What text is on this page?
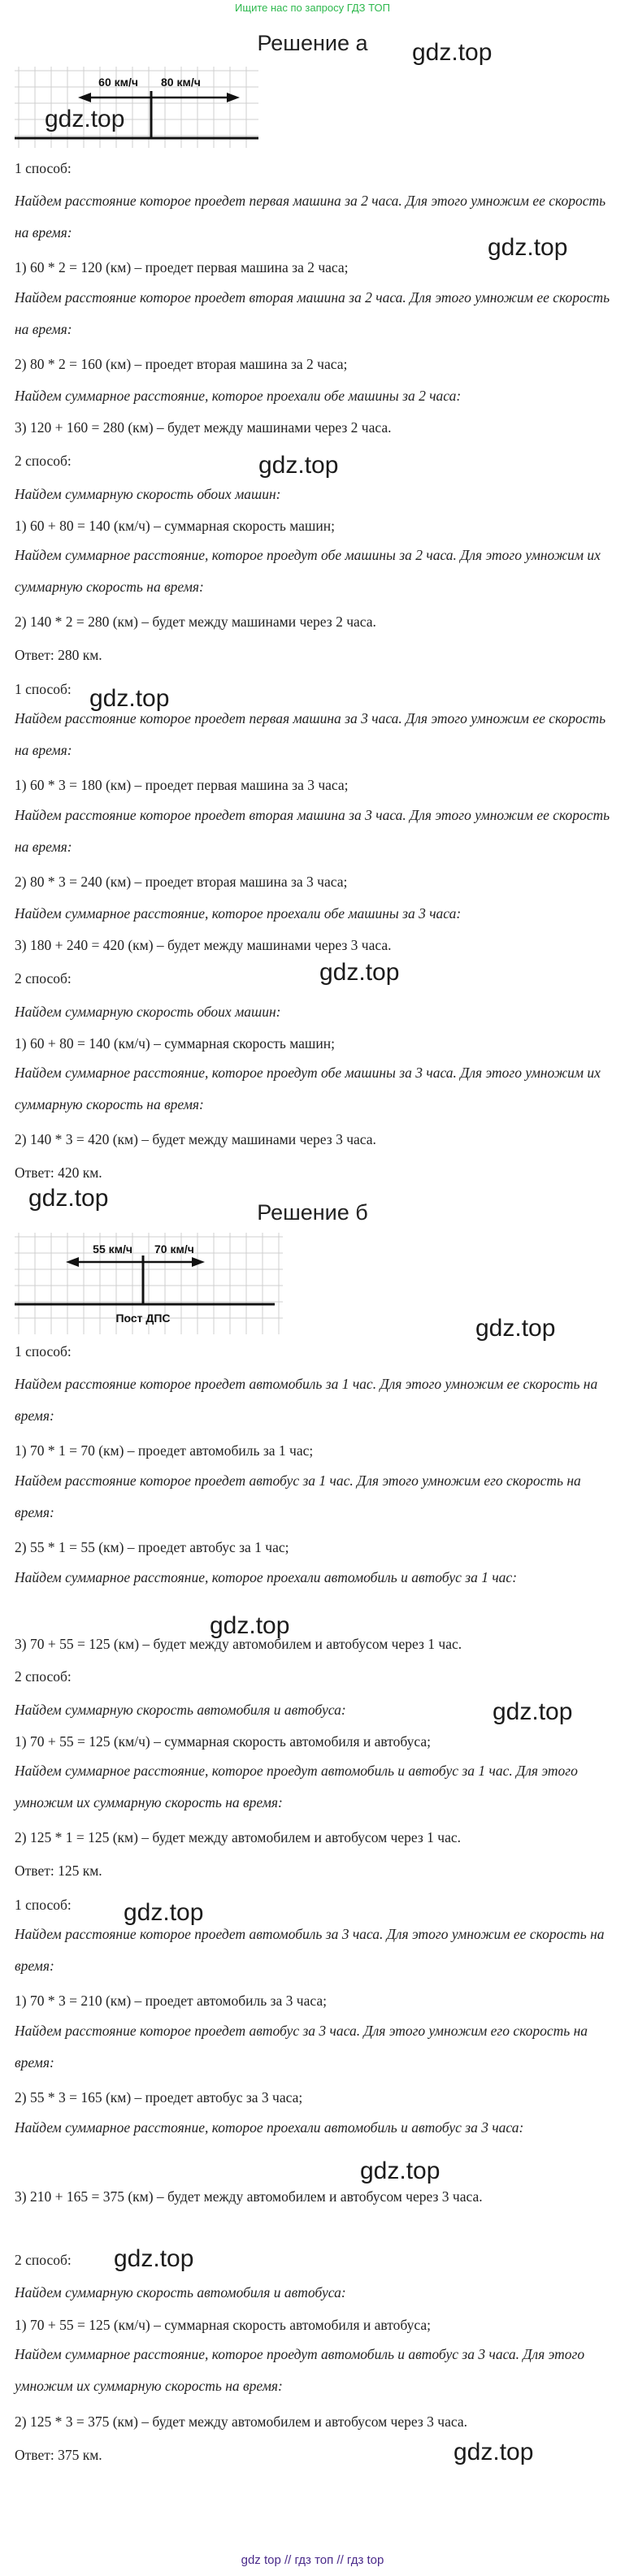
Ищите нас по запросу ГДЗ ТОП
Решение а	gdz.top
60 км/ч 80 км/ч
gdz.top
1 способ:
Найдем расстояние которое проедет первая машина за 2 часа. Для этого умножим ее скорость на время:
gdz.top
1) 60 * 2 = 120 (км) – проедет первая машина за 2 часа;
Найдем расстояние которое проедет вторая машина за 2 часа. Для этого умножим ее скорость на время:
2) 80 * 2 = 160 (км) – проедет вторая машина за 2 часа;
Найдем суммарное расстояние, которое проехали обе машины за 2 часа:
3) 120 + 160 = 280 (км) – будет между машинами через 2 часа.
2 способ:	gdz.top
Найдем суммарную скорость обоих машин:
1) 60 + 80 = 140 (км/ч) – суммарная скорость машин;
Найдем суммарное расстояние, которое проедут обе машины за 2 часа. Для этого умножим их суммарную скорость на время:
2) 140 * 2 = 280 (км) – будет между машинами через 2 часа.
Ответ: 280 км.
1 способ: gdz.top
Найдем расстояние которое проедет первая машина за 3 часа. Для этого умножим ее скорость на время:
1) 60 * 3 = 180 (км) – проедет первая машина за 3 часа;
Найдем расстояние которое проедет вторая машина за 3 часа. Для этого умножим ее скорость на время:
2) 80 * 3 = 240 (км) – проедет вторая машина за 3 часа;
Найдем суммарное расстояние, которое проехали обе машины за 3 часа:
3) 180 + 240 = 420 (км) – будет между машинами через 3 часа.
2 способ:	gdz.top
Найдем суммарную скорость обоих машин:
1) 60 + 80 = 140 (км/ч) – суммарная скорость машин;
Найдем суммарное расстояние, которое проедут обе машины за 3 часа. Для этого умножим их суммарную скорость на время:
2) 140 * 3 = 420 (км) – будет между машинами через 3 часа.
Ответ: 420 км.
gdz.top
Решение б
55 км/ч 70 км/ч
Пост ДПС	gdz.top
1 способ:
Найдем расстояние которое проедет автомобиль за 1 час. Для этого умножим ее скорость на время:
1) 70 * 1 = 70 (км) – проедет автомобиль за 1 час;
Найдем расстояние которое проедет автобус за 1 час. Для этого умножим его скорость на время:
2) 55 * 1 = 55 (км) – проедет автобус за 1 час;
Найдем суммарное расстояние, которое проехали автомобиль и автобус за 1 час:
gdz.top
3) 70 + 55 = 125 (км) – будет между автомобилем и автобусом через 1 час.
2 способ:
Найдем суммарную скорость автомобиля и автобуса:	gdz.top
1) 70 + 55 = 125 (км/ч) – суммарная скорость автомобиля и автобуса;
Найдем суммарное расстояние, которое проедут автомобиль и автобус за 1 час. Для этого умножим их суммарную скорость на время:
2) 125 * 1 = 125 (км) – будет между автомобилем и автобусом через 1 час.
Ответ: 125 км.
1 способ:	gdz.top
Найдем расстояние которое проедет автомобиль за 3 часа. Для этого умножим ее скорость на время:
1) 70 * 3 = 210 (км) – проедет автомобиль за 3 часа;
Найдем расстояние которое проедет автобус за 3 часа. Для этого умножим его скорость на время:
2) 55 * 3 = 165 (км) – проедет автобус за 3 часа;
Найдем суммарное расстояние, которое проехали автомобиль и автобус за 3 часа:
gdz.top
3) 210 + 165 = 375 (км) – будет между автомобилем и автобусом через 3 часа.
2 способ:	gdz.top
Найдем суммарную скорость автомобиля и автобуса:
1) 70 + 55 = 125 (км/ч) – суммарная скорость автомобиля и автобуса;
Найдем суммарное расстояние, которое проедут автомобиль и автобус за 3 часа. Для этого умножим их суммарную скорость на время:
2) 125 * 3 = 375 (км) – будет между автомобилем и автобусом через 3 часа.
Ответ: 375 км.	gdz.top
gdz top // гдз топ // гдз top
